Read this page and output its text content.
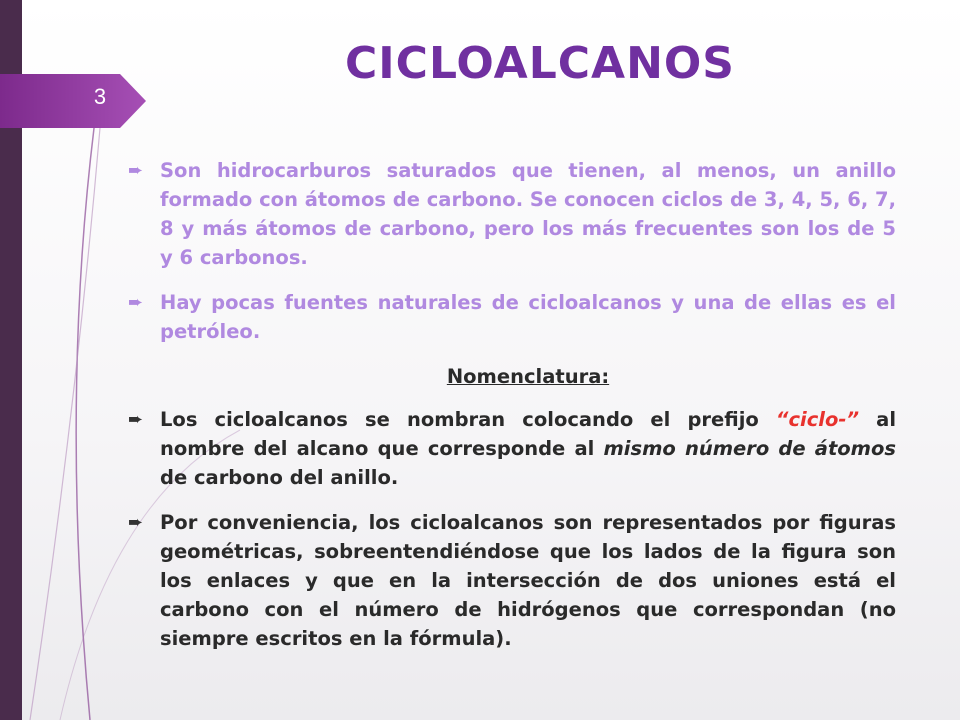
3
CICLOALCANOS
➨ Son hidrocarburos saturados que tienen, al menos, un anillo formado con átomos de carbono. Se conocen ciclos de 3, 4, 5, 6, 7, 8 y más átomos de carbono, pero los más frecuentes son los de 5 y 6 carbonos.
➨ Hay pocas fuentes naturales de cicloalcanos y una de ellas es el petróleo.
Nomenclatura:
➨ Los cicloalcanos se nombran colocando el prefijo “ciclo-” al nombre del alcano que corresponde al mismo número de átomos de carbono del anillo.
➨ Por conveniencia, los cicloalcanos son representados por figuras geométricas, sobreentendiéndose que los lados de la figura son los enlaces y que en la intersección de dos uniones está el carbono con el número de hidrógenos que correspondan (no siempre escritos en la fórmula).
